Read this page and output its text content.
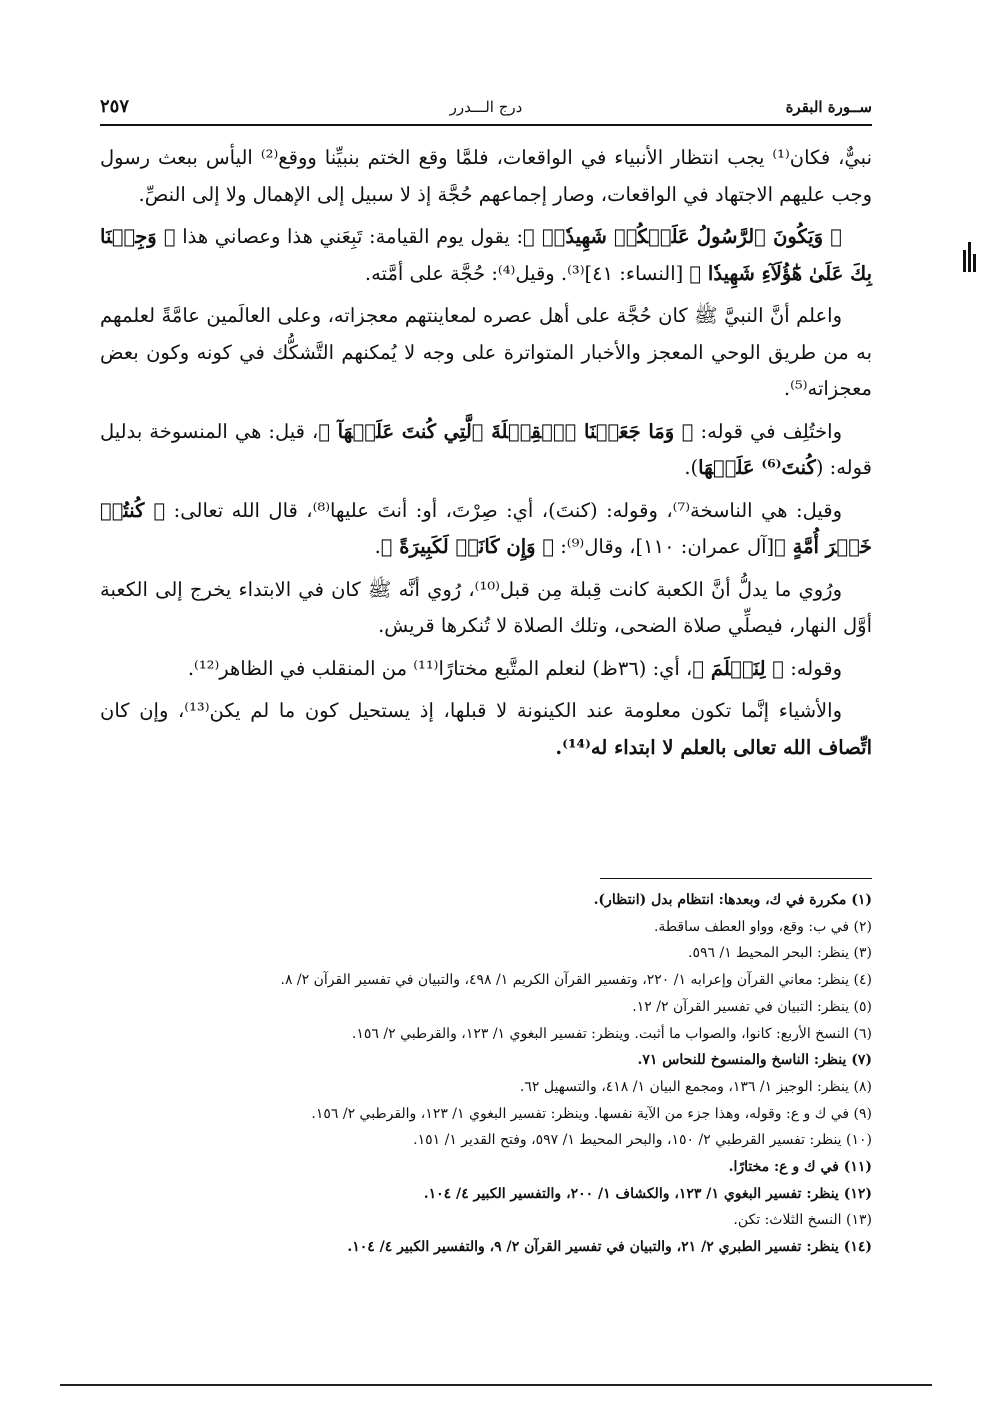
ســورة البقرة
درج الـــدرر
٢٥٧

نبيٌّ، فكان⁽¹⁾ يجب انتظار الأنبياء في الواقعات، فلمَّا وقع الختم بنبيِّنا ووقع⁽²⁾ اليأس ببعث رسول وجب عليهم الاجتهاد في الواقعات، وصار إجماعهم حُجَّة إذ لا سبيل إلى الإهمال ولا إلى النصِّ.

﴿ وَيَكُونَ ٱلرَّسُولُ عَلَيۡكُمۡ شَهِيدٗاۗ ﴾: يقول يوم القيامة: تَبِعَني هذا وعصاني هذا ﴿ وَجِئۡنَا بِكَ عَلَىٰ هَٰٓؤُلَآءِ شَهِيدٗا ﴾ [النساء: ٤١]⁽³⁾. وقيل⁽⁴⁾: حُجَّة على أمَّته.

واعلم أنَّ النبيَّ ﷺ كان حُجَّة على أهل عصره لمعاينتهم معجزاته، وعلى العالَمين عامَّةً لعلمهم به من طريق الوحي المعجز والأخبار المتواترة على وجه لا يُمكنهم التَّشكُّك في كونه وكون بعض معجزاته⁽⁵⁾.

واختُلِف في قوله: ﴿ وَمَا جَعَلۡنَا ٱلۡقِبۡلَةَ ٱلَّتِي كُنتَ عَلَيۡهَآ ﴾، قيل: هي المنسوخة بدليل قوله: (كُنتَ⁽⁶⁾ عَلَيۡهَا).

وقيل: هي الناسخة⁽⁷⁾، وقوله: (كنتَ)، أي: صِرْتَ، أو: أنتَ عليها⁽⁸⁾، قال الله تعالى: ﴿ كُنتُمۡ خَيۡرَ أُمَّةٍ ﴾[آل عمران: ١١٠]، وقال⁽⁹⁾: ﴿ وَإِن كَانَتۡ لَكَبِيرَةً ﴾.

ورُوي ما يدلُّ أنَّ الكعبة كانت قِبلة مِن قبل⁽¹⁰⁾، رُوي أنَّه ﷺ كان في الابتداء يخرج إلى الكعبة أوَّل النهار، فيصلِّي صلاة الضحى، وتلك الصلاة لا تُنكرها قريش.

وقوله: ﴿ لِنَعۡلَمَ ﴾، أي: (٣٦ظ) لنعلم المتَّبع مختارًا⁽¹¹⁾ من المنقلب في الظاهر⁽¹²⁾.

والأشياء إنَّما تكون معلومة عند الكينونة لا قبلها، إذ يستحيل كون ما لم يكن⁽¹³⁾، وإن كان اتِّصاف الله تعالى بالعلم لا ابتداء له⁽¹⁴⁾.

(١) مكررة في ك، وبعدها: انتظام بدل (انتظار).
(٢) في ب: وقع، وواو العطف ساقطة.
(٣) ينظر: البحر المحيط ١/ ٥٩٦.
(٤) ينظر: معاني القرآن وإعرابه ١/ ٢٢٠، وتفسير القرآن الكريم ١/ ٤٩٨، والتبيان في تفسير القرآن ٢/ ٨.
(٥) ينظر: التبيان في تفسير القرآن ٢/ ١٢.
(٦) النسخ الأربع: كانوا، والصواب ما أثبت. وينظر: تفسير البغوي ١/ ١٢٣، والقرطبي ٢/ ١٥٦.
(٧) ينظر: الناسخ والمنسوخ للنحاس ٧١.
(٨) ينظر: الوجيز ١/ ١٣٦، ومجمع البيان ١/ ٤١٨، والتسهيل ٦٢.
(٩) في ك و ع: وقوله، وهذا جزء من الآية نفسها. وينظر: تفسير البغوي ١/ ١٢٣، والقرطبي ٢/ ١٥٦.
(١٠) ينظر: تفسير القرطبي ٢/ ١٥٠، والبحر المحيط ١/ ٥٩٧، وفتح القدير ١/ ١٥١.
(١١) في ك و ع: مختارًا.
(١٢) ينظر: تفسير البغوي ١/ ١٢٣، والكشاف ١/ ٢٠٠، والتفسير الكبير ٤/ ١٠٤.
(١٣) النسخ الثلاث: تكن.
(١٤) ينظر: تفسير الطبري ٢/ ٢١، والتبيان في تفسير القرآن ٢/ ٩، والتفسير الكبير ٤/ ١٠٤.
